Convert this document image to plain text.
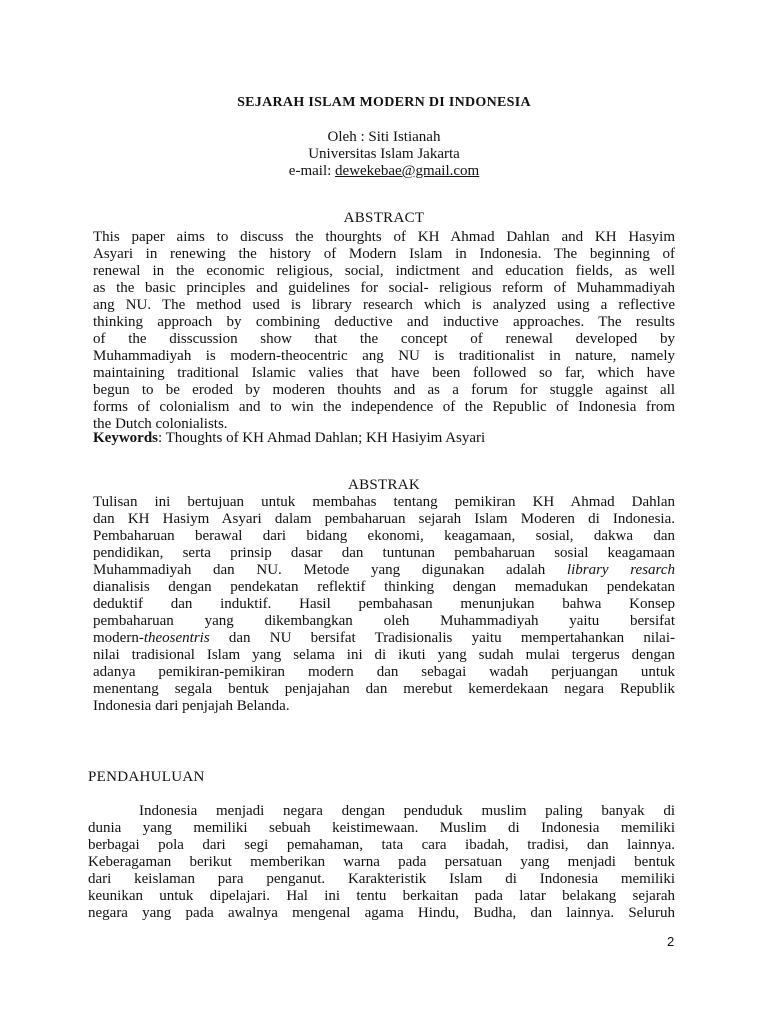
SEJARAH ISLAM MODERN DI INDONESIA
Oleh : Siti Istianah
Universitas Islam Jakarta
e-mail: dewekebae@gmail.com
ABSTRACT
This paper aims to discuss the thourghts of KH Ahmad Dahlan and KH Hasyim
Asyari in renewing the history of Modern Islam in Indonesia. The beginning of
renewal in the economic religious, social, indictment and education fields, as well
as the basic principles and guidelines for social- religious reform of Muhammadiyah
ang NU. The method used is library research which is analyzed using a reflective
thinking approach by combining deductive and inductive approaches. The results
of the disscussion show that the concept of renewal developed by
Muhammadiyah is modern-theocentric ang NU is traditionalist in nature, namely
maintaining traditional Islamic valies that have been followed so far, which have
begun to be eroded by moderen thouhts and as a forum for stuggle against all
forms of colonialism and to win the independence of the Republic of Indonesia from
the Dutch colonialists.
Keywords: Thoughts of KH Ahmad Dahlan; KH Hasiyim Asyari
ABSTRAK
Tulisan ini bertujuan untuk membahas tentang pemikiran KH Ahmad Dahlan
dan KH Hasiym Asyari dalam pembaharuan sejarah Islam Moderen di Indonesia.
Pembaharuan berawal dari bidang ekonomi, keagamaan, sosial, dakwa dan
pendidikan, serta prinsip dasar dan tuntunan pembaharuan sosial keagamaan
Muhammadiyah dan NU. Metode yang digunakan adalah library resarch
dianalisis dengan pendekatan reflektif thinking dengan memadukan pendekatan
deduktif dan induktif. Hasil pembahasan menunjukan bahwa Konsep
pembaharuan yang dikembangkan oleh Muhammadiyah yaitu bersifat
modern-theosentris dan NU bersifat Tradisionalis yaitu mempertahankan nilai-
nilai tradisional Islam yang selama ini di ikuti yang sudah mulai tergerus dengan
adanya pemikiran-pemikiran modern dan sebagai wadah perjuangan untuk
menentang segala bentuk penjajahan dan merebut kemerdekaan negara Republik
Indonesia dari penjajah Belanda.
PENDAHULUAN
Indonesia menjadi negara dengan penduduk muslim paling banyak di
dunia yang memiliki sebuah keistimewaan. Muslim di Indonesia memiliki
berbagai pola dari segi pemahaman, tata cara ibadah, tradisi, dan lainnya.
Keberagaman berikut memberikan warna pada persatuan yang menjadi bentuk
dari keislaman para penganut. Karakteristik Islam di Indonesia memiliki
keunikan untuk dipelajari. Hal ini tentu berkaitan pada latar belakang sejarah
negara yang pada awalnya mengenal agama Hindu, Budha, dan lainnya. Seluruh
2
